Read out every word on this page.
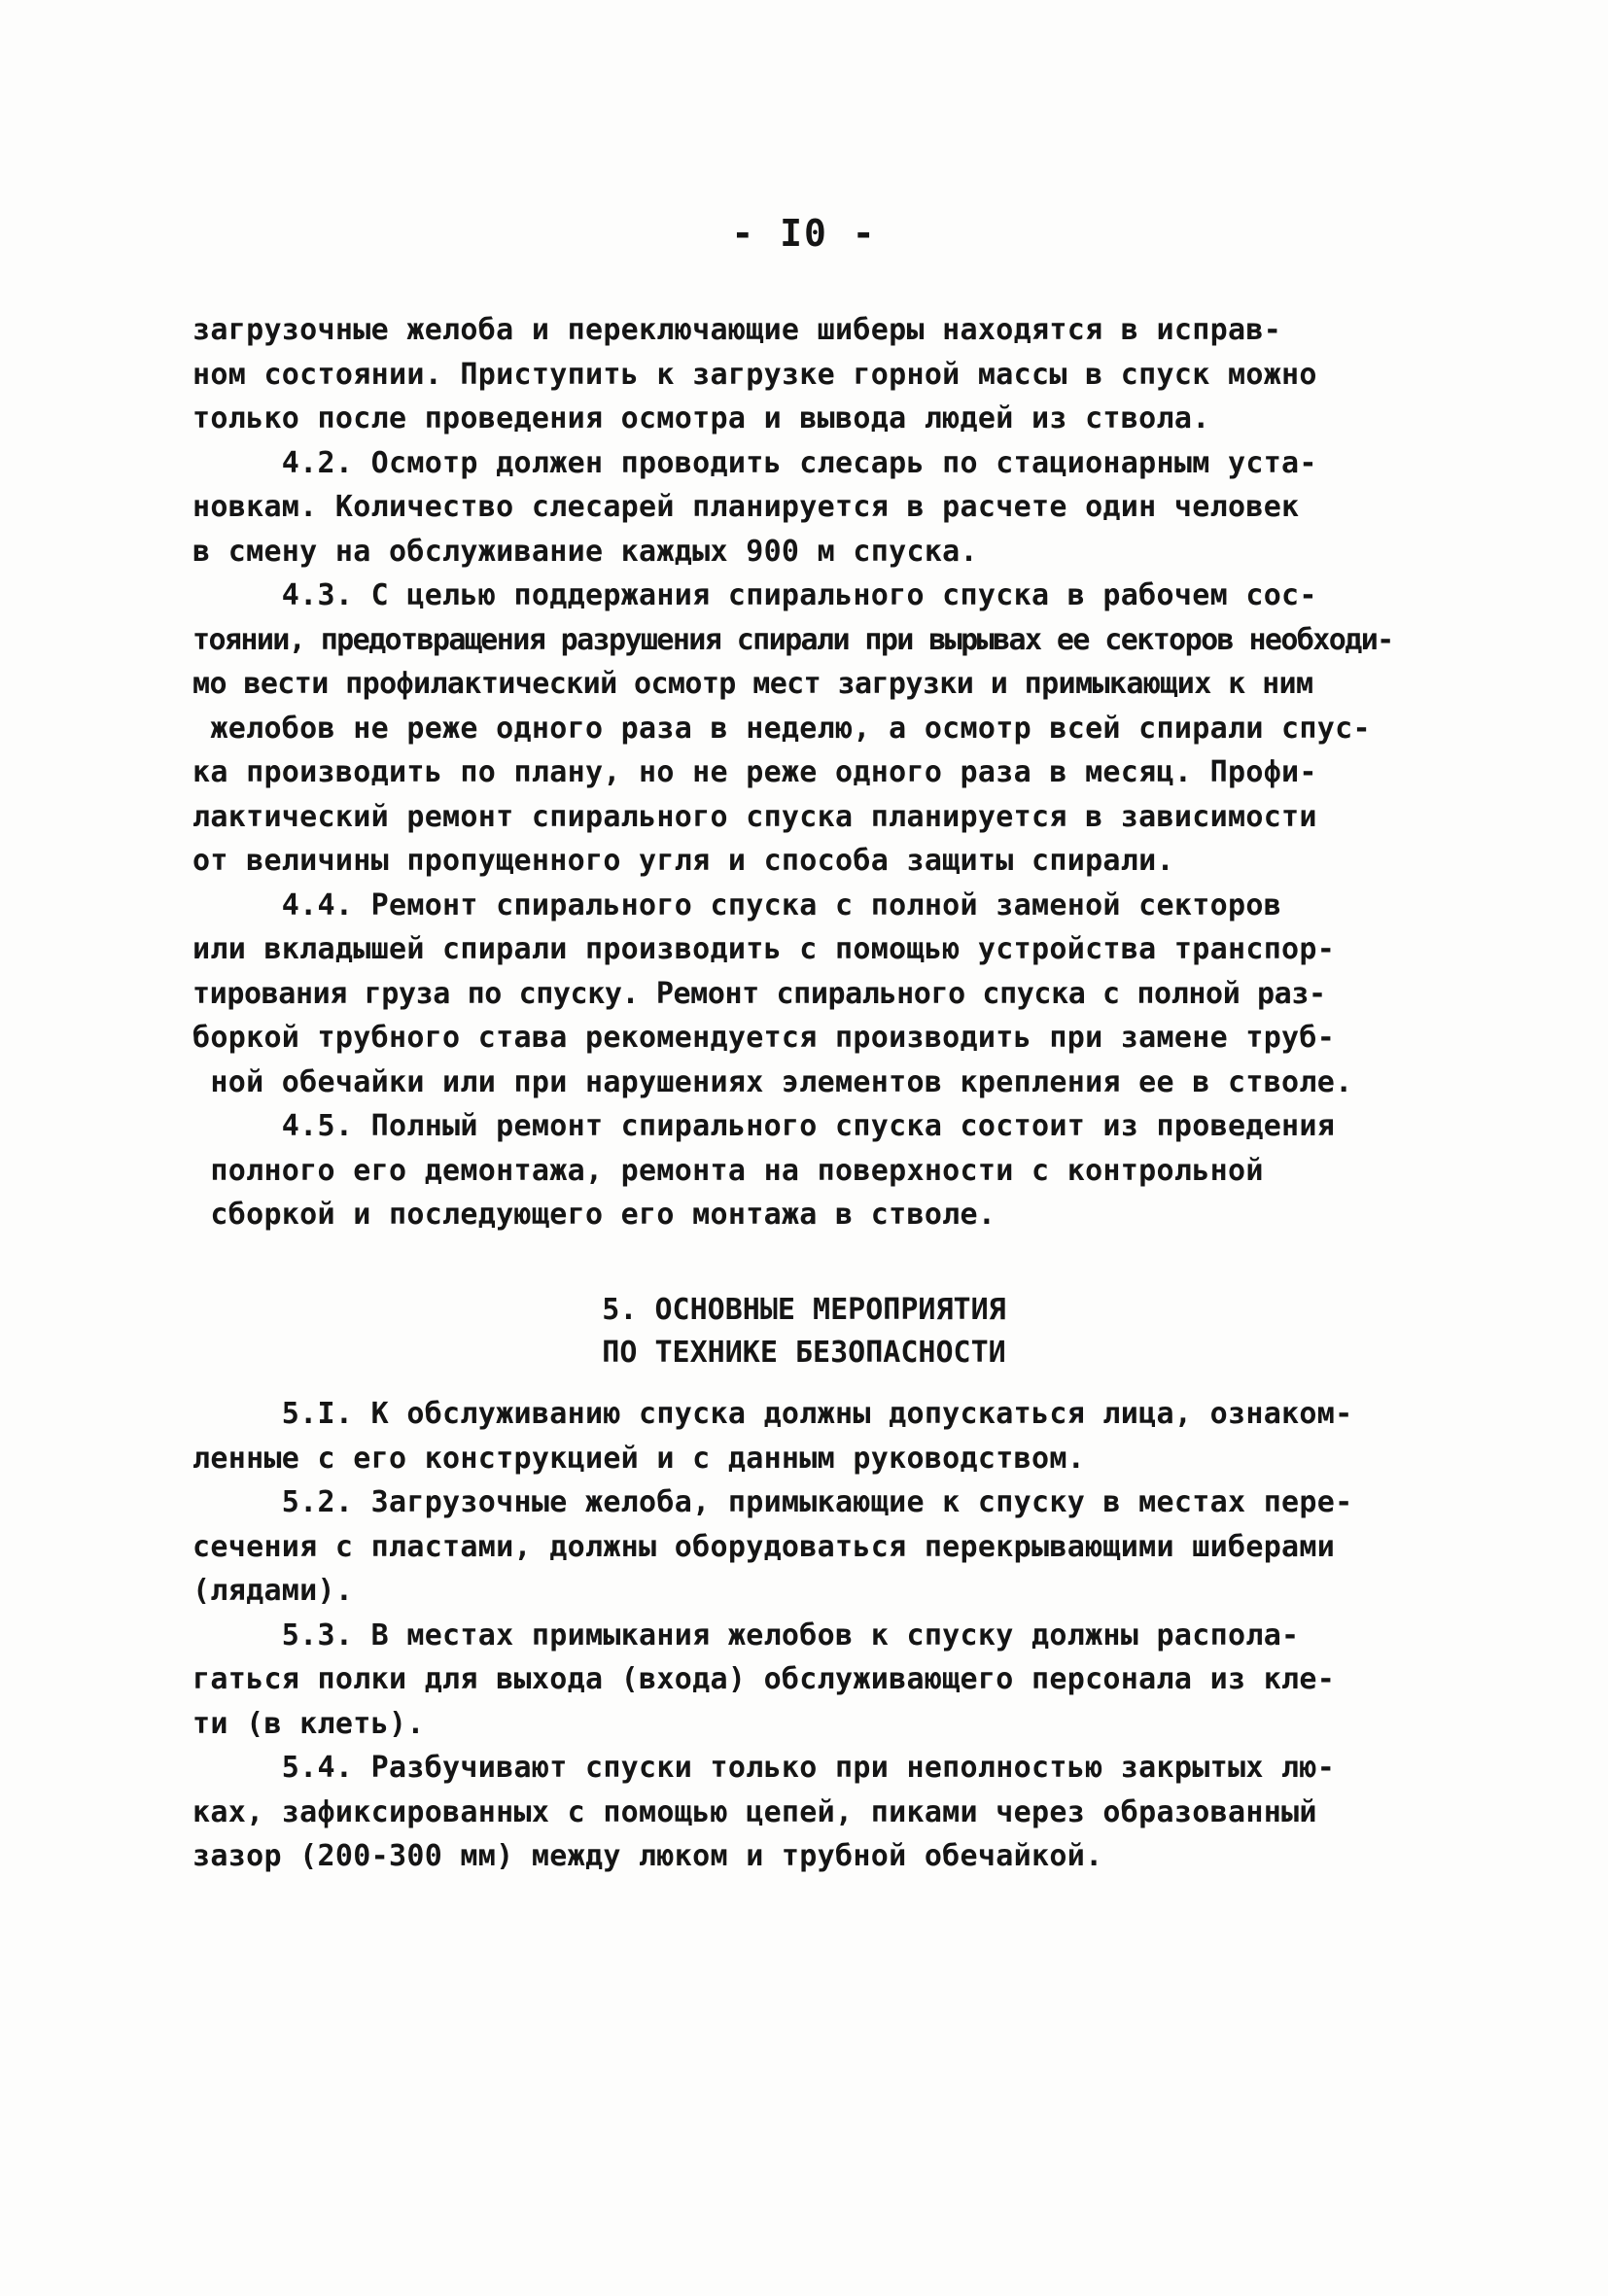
- I0 -
загрузочные желоба и переключающие шиберы находятся в исправ-
ном состоянии. Приступить к загрузке горной массы в спуск можно
только после проведения осмотра и вывода людей из ствола.
4.2. Осмотр должен проводить слесарь по стационарным уста-
новкам. Количество слесарей планируется в расчете один человек
в смену на обслуживание каждых 900 м спуска.
4.3. С целью поддержания спирального спуска в рабочем сос-
тоянии, предотвращения разрушения спирали при вырывах ее секторов необходи-
мо вести профилактический осмотр мест загрузки и примыкающих к ним
желобов не реже одного раза в неделю, а осмотр всей спирали спус-
ка производить по плану, но не реже одного раза в месяц. Профи-
лактический ремонт спирального спуска планируется в зависимости
от величины пропущенного угля и способа защиты спирали.
4.4. Ремонт спирального спуска с полной заменой секторов
или вкладышей спирали производить с помощью устройства транспор-
тирования груза по спуску. Ремонт спирального спуска с полной раз-
боркой трубного става рекомендуется производить при замене труб-
ной обечайки или при нарушениях элементов крепления ее в стволе.
4.5. Полный ремонт спирального спуска состоит из проведения
полного его демонтажа, ремонта на поверхности с контрольной
сборкой и последующего его монтажа в стволе.
5. ОСНОВНЫЕ МЕРОПРИЯТИЯ
ПО ТЕХНИКЕ БЕЗОПАСНОСТИ
5.I. К обслуживанию спуска должны допускаться лица, ознаком-
ленные с его конструкцией и с данным руководством.
5.2. Загрузочные желоба, примыкающие к спуску в местах пере-
сечения с пластами, должны оборудоваться перекрывающими шиберами
(лядами).
5.3. В местах примыкания желобов к спуску должны распола-
гаться полки для выхода (входа) обслуживающего персонала из кле-
ти (в клеть).
5.4. Разбучивают спуски только при неполностью закрытых лю-
ках, зафиксированных с помощью цепей, пиками через образованный
зазор (200-300 мм) между люком и трубной обечайкой.
